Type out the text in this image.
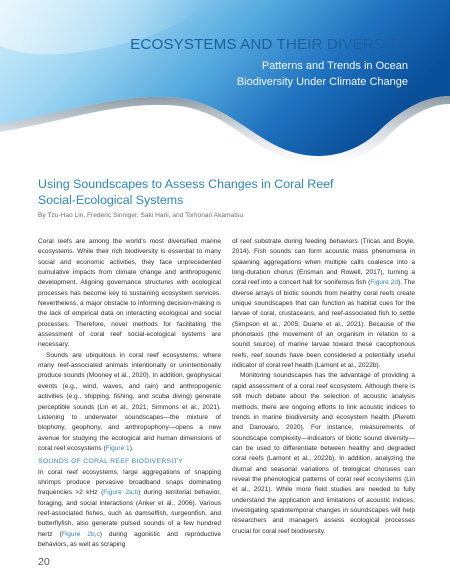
ECOSYSTEMS AND THEIR DIVERSITY
Patterns and Trends in Ocean
Biodiversity Under Climate Change
Using Soundscapes to Assess Changes in Coral Reef Social-Ecological Systems
By Tzu-Hao Lin, Frederic Sinniger, Saki Harii, and Tomonari Akamatsu

Coral reefs are among the world's most diversified marine ecosystems. While their rich biodiversity is essential to many social and economic activities, they face unprecedented cumulative impacts from climate change and anthropogenic development. Aligning governance structures with ecological processes has become key to sustaining ecosystem services. Nevertheless, a major obstacle to informing decision-making is the lack of empirical data on interacting ecological and social processes. Therefore, novel methods for facilitating the assessment of coral reef social-ecological systems are necessary.

Sounds are ubiquitous in coral reef ecosystems, where many reef-associated animals intentionally or unintentionally produce sounds (Mooney et al., 2020). In addition, geophysical events (e.g., wind, waves, and rain) and anthropogenic activities (e.g., shipping, fishing, and scuba diving) generate perceptible sounds (Lin et al., 2021; Simmons et al., 2021). Listening to underwater soundscapes—the mixture of biophony, geophony, and anthropophony—opens a new avenue for studying the ecological and human dimensions of coral reef ecosystems (Figure 1).

SOUNDS OF CORAL REEF BIODIVERSITY

In coral reef ecosystems, large aggregations of snapping shrimps produce pervasive broadband snaps dominating frequencies >2 kHz (Figure 2a,b) during territorial behavior, foraging, and social interactions (Anker et al., 2006). Various reef-associated fishes, such as damselfish, surgeonfish, and butterflyfish, also generate pulsed sounds of a few hundred hertz (Figure 2b,c) during agonistic and reproductive behaviors, as well as scraping

of reef substrate during feeding behaviors (Tricas and Boyle, 2014). Fish sounds can form acoustic mass phenomena in spawning aggregations when multiple calls coalesce into a long-duration chorus (Erisman and Rowell, 2017), turning a coral reef into a concert hall for soniferous fish (Figure 2d). The diverse arrays of biotic sounds from healthy coral reefs create unique soundscapes that can function as habitat cues for the larvae of coral, crustaceans, and reef-associated fish to settle (Simpson et al., 2005; Duarte et al., 2021). Because of the phonotaxis (the movement of an organism in relation to a sound source) of marine larvae toward these cacophonous reefs, reef sounds have been considered a potentially useful indicator of coral reef health (Lamont et al., 2022b).

Monitoring soundscapes has the advantage of providing a rapid assessment of a coral reef ecosystem. Although there is still much debate about the selection of acoustic analysis methods, there are ongoing efforts to link acoustic indices to trends in marine biodiversity and ecosystem health (Pieretti and Danovaro, 2020). For instance, measurements of soundscape complexity—indicators of biotic sound diversity—can be used to differentiate between healthy and degraded coral reefs (Lamont et al., 2022b). In addition, analyzing the diurnal and seasonal variations of biological choruses can reveal the phenological patterns of coral reef ecosystems (Lin et al., 2021). While more field studies are needed to fully understand the application and limitations of acoustic indices, investigating spatiotemporal changes in soundscapes will help researchers and managers assess ecological processes crucial for coral reef biodiversity.

20
